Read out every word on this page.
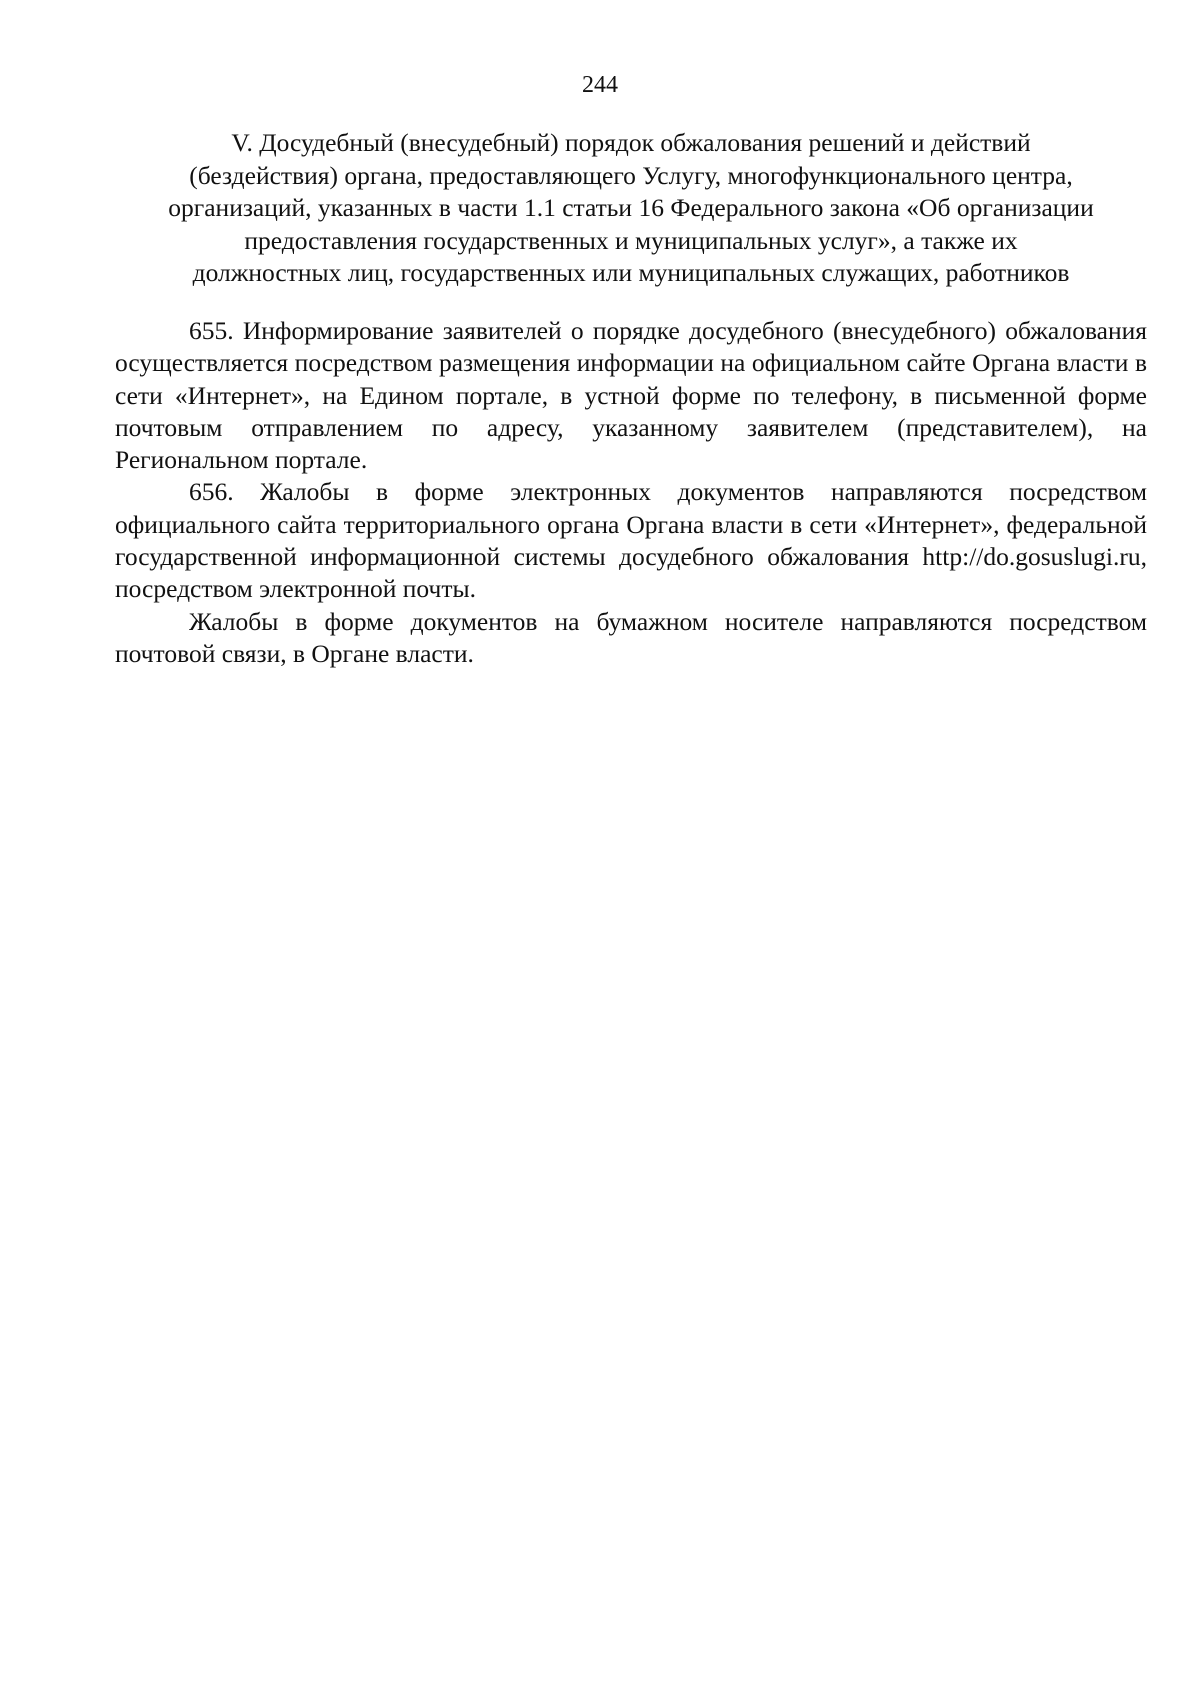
244
V. Досудебный (внесудебный) порядок обжалования решений и действий
(бездействия) органа, предоставляющего Услугу, многофункционального центра,
организаций, указанных в части 1.1 статьи 16 Федерального закона «Об организации
предоставления государственных и муниципальных услуг», а также их
должностных лиц, государственных или муниципальных служащих, работников

655. Информирование заявителей о порядке досудебного (внесудебного) обжалования осуществляется посредством размещения информации на официальном сайте Органа власти в сети «Интернет», на Едином портале, в устной форме по телефону, в письменной форме почтовым отправлением по адресу, указанному заявителем (представителем), на Региональном портале.

656. Жалобы в форме электронных документов направляются посредством официального сайта территориального органа Органа власти в сети «Интернет», федеральной государственной информационной системы досудебного обжалования http://do.gosuslugi.ru, посредством электронной почты.

Жалобы в форме документов на бумажном носителе направляются посредством почтовой связи, в Органе власти.
